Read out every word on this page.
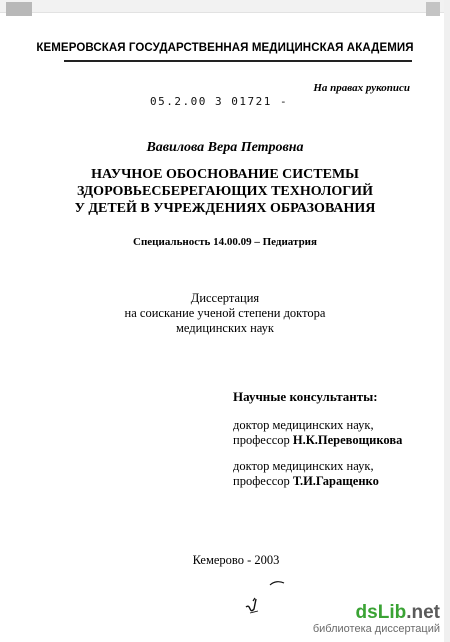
КЕМЕРОВСКАЯ ГОСУДАРСТВЕННАЯ МЕДИЦИНСКАЯ АКАДЕМИЯ
На правах рукописи
05.2.00 3 01721 -
Вавилова Вера Петровна
НАУЧНОЕ ОБОСНОВАНИЕ СИСТЕМЫ
ЗДОРОВЬЕСБЕРЕГАЮЩИХ ТЕХНОЛОГИЙ
У ДЕТЕЙ В УЧРЕЖДЕНИЯХ ОБРАЗОВАНИЯ
Специальность 14.00.09 – Педиатрия
Диссертация
на соискание ученой степени доктора
медицинских наук
Научные консультанты:
доктор медицинских наук,
профессор Н.К.Перевощикова
доктор медицинских наук,
профессор Т.И.Гаращенко
Кемерово - 2003
dsLib.net
библиотека диссертаций
